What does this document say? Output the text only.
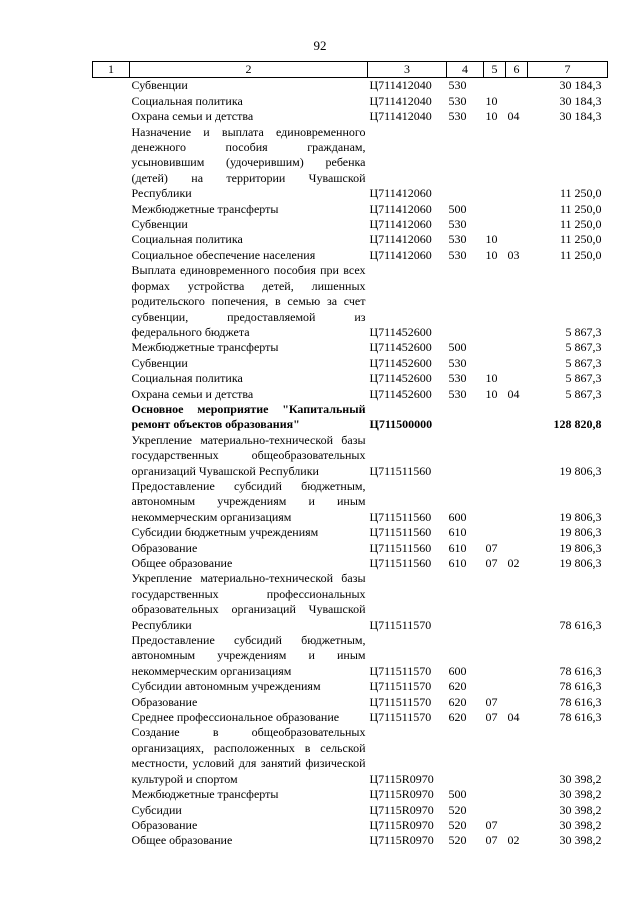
92
1	2	3	4	5	6	7
	Субвенции	Ц711412040	530			30 184,3
	Социальная политика	Ц711412040	530	10		30 184,3
	Охрана семьи и детства	Ц711412040	530	10	04	30 184,3
	Назначение и выплата единовременного денежного пособия гражданам, усыновившим (удочерившим) ребенка (детей) на территории Чувашской Республики	Ц711412060				11 250,0
	Межбюджетные трансферты	Ц711412060	500			11 250,0
	Субвенции	Ц711412060	530			11 250,0
	Социальная политика	Ц711412060	530	10		11 250,0
	Социальное обеспечение населения	Ц711412060	530	10	03	11 250,0
	Выплата единовременного пособия при всех формах устройства детей, лишенных родительского попечения, в семью за счет субвенции, предоставляемой из федерального бюджета	Ц711452600				5 867,3
	Межбюджетные трансферты	Ц711452600	500			5 867,3
	Субвенции	Ц711452600	530			5 867,3
	Социальная политика	Ц711452600	530	10		5 867,3
	Охрана семьи и детства	Ц711452600	530	10	04	5 867,3
	Основное мероприятие "Капитальный ремонт объектов образования"	Ц711500000				128 820,8
	Укрепление материально-технической базы государственных общеобразовательных организаций Чувашской Республики	Ц711511560				19 806,3
	Предоставление субсидий бюджетным, автономным учреждениям и иным некоммерческим организациям	Ц711511560	600			19 806,3
	Субсидии бюджетным учреждениям	Ц711511560	610			19 806,3
	Образование	Ц711511560	610	07		19 806,3
	Общее образование	Ц711511560	610	07	02	19 806,3
	Укрепление материально-технической базы государственных профессиональных образовательных организаций Чувашской Республики	Ц711511570				78 616,3
	Предоставление субсидий бюджетным, автономным учреждениям и иным некоммерческим организациям	Ц711511570	600			78 616,3
	Субсидии автономным учреждениям	Ц711511570	620			78 616,3
	Образование	Ц711511570	620	07		78 616,3
	Среднее профессиональное образование	Ц711511570	620	07	04	78 616,3
	Создание в общеобразовательных организациях, расположенных в сельской местности, условий для занятий физической культурой и спортом	Ц7115R0970				30 398,2
	Межбюджетные трансферты	Ц7115R0970	500			30 398,2
	Субсидии	Ц7115R0970	520			30 398,2
	Образование	Ц7115R0970	520	07		30 398,2
	Общее образование	Ц7115R0970	520	07	02	30 398,2
